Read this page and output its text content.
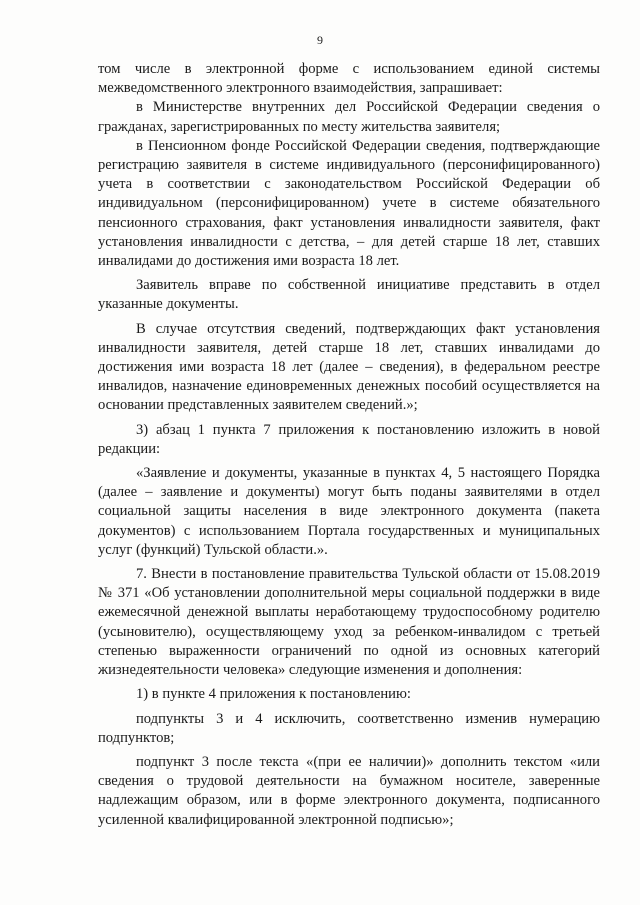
9

том числе в электронной форме с использованием единой системы межведомственного электронного взаимодействия, запрашивает:

в Министерстве внутренних дел Российской Федерации сведения о гражданах, зарегистрированных по месту жительства заявителя;

в Пенсионном фонде Российской Федерации сведения, подтверждающие регистрацию заявителя в системе индивидуального (персонифицированного) учета в соответствии с законодательством Российской Федерации об индивидуальном (персонифицированном) учете в системе обязательного пенсионного страхования, факт установления инвалидности заявителя, факт установления инвалидности с детства, – для детей старше 18 лет, ставших инвалидами до достижения ими возраста 18 лет.

Заявитель вправе по собственной инициативе представить в отдел указанные документы.

В случае отсутствия сведений, подтверждающих факт установления инвалидности заявителя, детей старше 18 лет, ставших инвалидами до достижения ими возраста 18 лет (далее – сведения), в федеральном реестре инвалидов, назначение единовременных денежных пособий осуществляется на основании представленных заявителем сведений.»;

3) абзац 1 пункта 7 приложения к постановлению изложить в новой редакции:

«Заявление и документы, указанные в пунктах 4, 5 настоящего Порядка (далее – заявление и документы) могут быть поданы заявителями в отдел социальной защиты населения в виде электронного документа (пакета документов) с использованием Портала государственных и муниципальных услуг (функций) Тульской области.».

7. Внести в постановление правительства Тульской области от 15.08.2019 № 371 «Об установлении дополнительной меры социальной поддержки в виде ежемесячной денежной выплаты неработающему трудоспособному родителю (усыновителю), осуществляющему уход за ребенком-инвалидом с третьей степенью выраженности ограничений по одной из основных категорий жизнедеятельности человека» следующие изменения и дополнения:

1) в пункте 4 приложения к постановлению:

подпункты 3 и 4 исключить, соответственно изменив нумерацию подпунктов;

подпункт 3 после текста «(при ее наличии)» дополнить текстом «или сведения о трудовой деятельности на бумажном носителе, заверенные надлежащим образом, или в форме электронного документа, подписанного усиленной квалифицированной электронной подписью»;
